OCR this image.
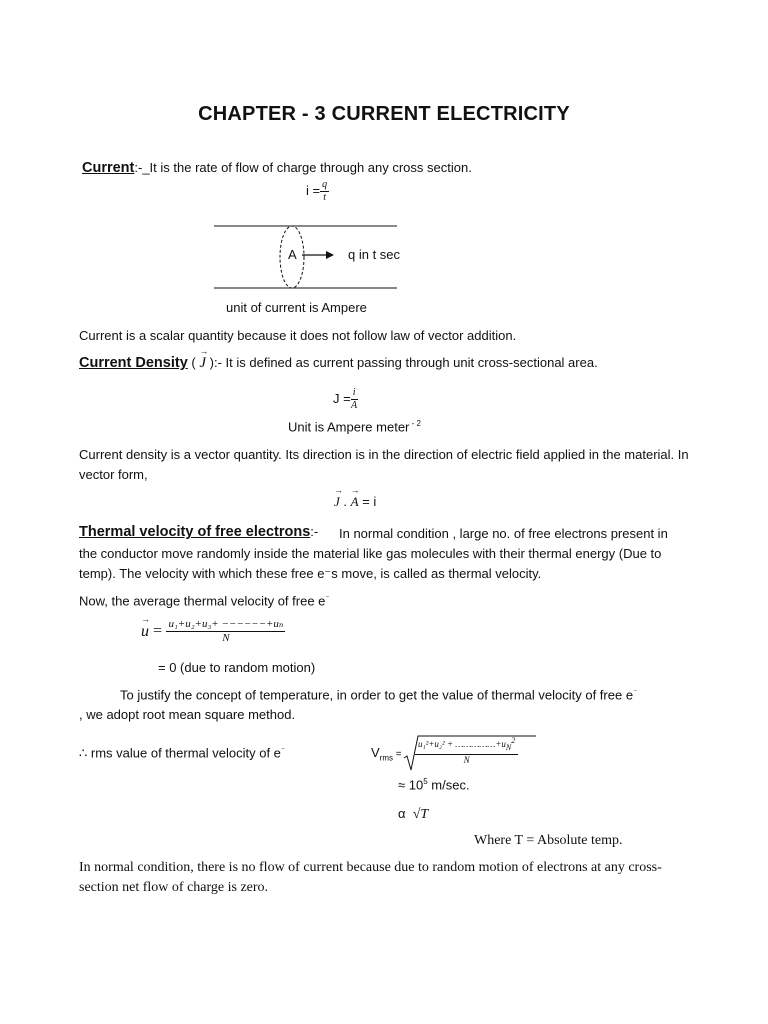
CHAPTER - 3 CURRENT ELECTRICITY
Current:-_It is the rate of flow of charge through any cross section.
$i = \frac{q}{t}$
A	q in t sec
unit of current is Ampere
Current is a scalar quantity because it does not follow law of vector addition.
Current Density ( → J ):- It is defined as current passing through unit cross-sectional area.
$J = \frac{i}{A}$
Unit is Ampere meter $^{- 2}$
Current density is a vector quantity. Its direction is in the direction of electric field applied in the material. In vector form,
→ J . → A = i
Thermal velocity of free electrons:-	In normal condition , large no. of free electrons present in the conductor move randomly inside the material like gas molecules with their thermal energy (Due to temp). The velocity with which these free e⁻s move, is called as thermal velocity.
Now, the average thermal velocity of free e⁻
→ $u = \frac{\text{u₁+u₂+u₃+ −−−−−−+uₙ}}{N}$
= 0 (due to random motion)
To justify the concept of temperature, in order to get the value of thermal velocity of free e⁻
, we adopt root mean square method.
∴ rms value of thermal velocity of e⁻	$V_{rms} = \frac{u_1^2+u_2^2 + \dots\dots\dots\dots\dots+u_N^2}{N}$
≈ $10^5$ m/sec.
α √T
Where T = Absolute temp.
In normal condition, there is no flow of current because due to random motion of electrons at any cross- section net flow of charge is zero.
